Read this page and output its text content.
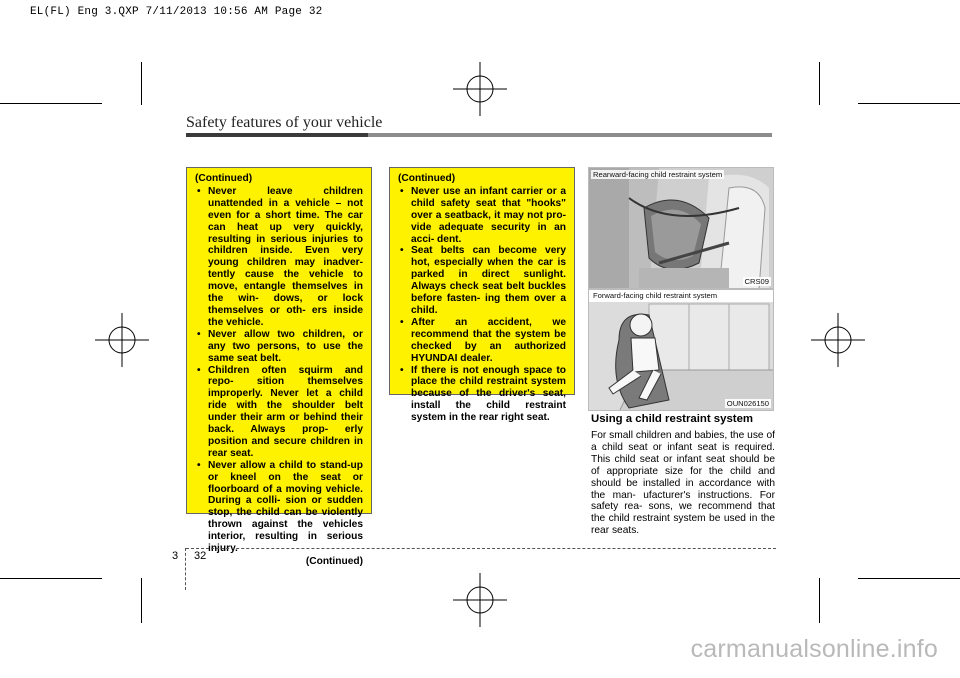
EL(FL) Eng 3.QXP 7/11/2013 10:56 AM Page 32
Safety features of your vehicle
(Continued)
• Never leave children unattended in a vehicle – not even for a short time. The car can heat up very quickly, resulting in serious injuries to children inside. Even very young children may inadver- tently cause the vehicle to move, entangle themselves in the win- dows, or lock themselves or oth- ers inside the vehicle.
• Never allow two children, or any two persons, to use the same seat belt.
• Children often squirm and repo- sition themselves improperly. Never let a child ride with the shoulder belt under their arm or behind their back. Always prop- erly position and secure children in rear seat.
• Never allow a child to stand-up or kneel on the seat or floorboard of a moving vehicle. During a colli- sion or sudden stop, the child can be violently thrown against the vehicles interior, resulting in serious injury.
(Continued)
(Continued)
• Never use an infant carrier or a child safety seat that "hooks" over a seatback, it may not pro- vide adequate security in an acci- dent.
• Seat belts can become very hot, especially when the car is parked in direct sunlight. Always check seat belt buckles before fasten- ing them over a child.
• After an accident, we recommend that the system be checked by an authorized HYUNDAI dealer.
• If there is not enough space to place the child restraint system because of the driver's seat, install the child restraint system in the rear right seat.
Rearward-facing child restraint system
CRS09
Forward-facing child restraint system
OUN026150
Using a child restraint system
For small children and babies, the use of a child seat or infant seat is required. This child seat or infant seat should be of appropriate size for the child and should be installed in accordance with the man- ufacturer's instructions. For safety rea- sons, we recommend that the child restraint system be used in the rear seats.
3 32
carmanualsonline.info
